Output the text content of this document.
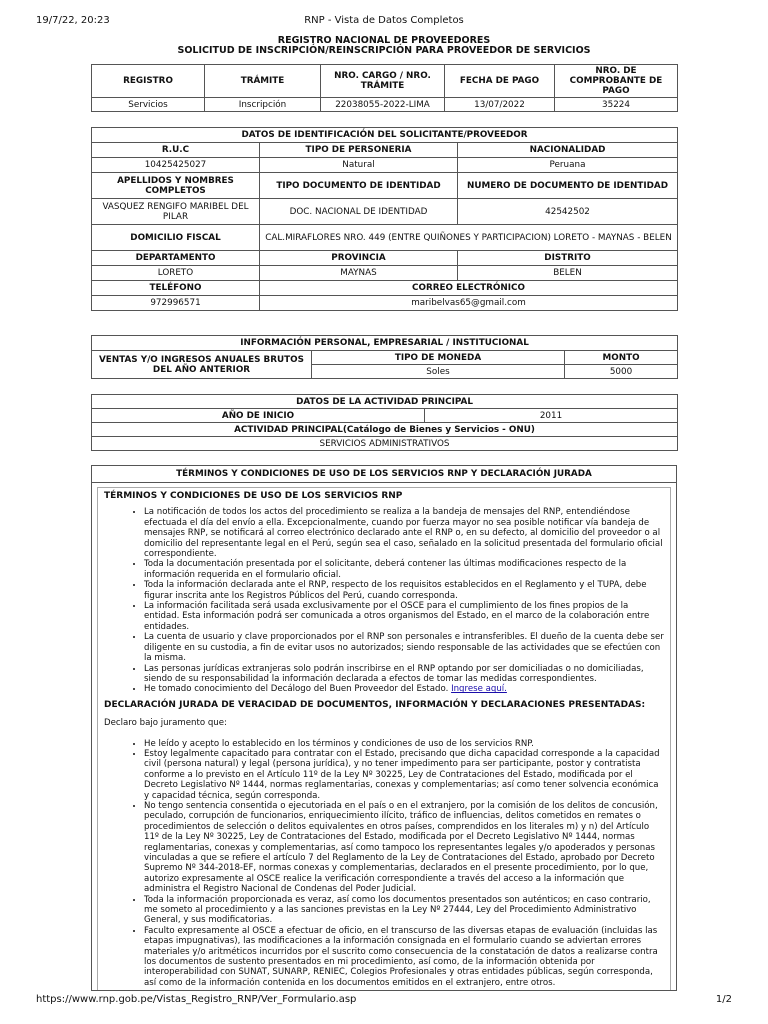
19/7/22, 20:23	RNP - Vista de Datos Completos
REGISTRO NACIONAL DE PROVEEDORES
SOLICITUD DE INSCRIPCIÓN/REINSCRIPCIÓN PARA PROVEEDOR DE SERVICIOS
REGISTRO	TRÁMITE	NRO. CARGO / NRO. TRÁMITE	FECHA DE PAGO	NRO. DE COMPROBANTE DE PAGO
Servicios	Inscripción	22038055-2022-LIMA	13/07/2022	35224
DATOS DE IDENTIFICACIÓN DEL SOLICITANTE/PROVEEDOR		
R.U.C	TIPO DE PERSONERIA	NACIONALIDAD
10425425027	Natural	Peruana
APELLIDOS Y NOMBRES COMPLETOS	TIPO DOCUMENTO DE IDENTIDAD	NUMERO DE DOCUMENTO DE IDENTIDAD
VASQUEZ RENGIFO MARIBEL DEL PILAR	DOC. NACIONAL DE IDENTIDAD	42542502
DOMICILIO FISCAL	CAL.MIRAFLORES NRO. 449 (ENTRE QUIÑONES Y PARTICIPACION) LORETO - MAYNAS - BELEN	
DEPARTAMENTO	PROVINCIA	DISTRITO
LORETO	MAYNAS	BELEN
TELÉFONO	CORREO ELECTRÓNICO	
972996571	maribelvas65@gmail.com	
INFORMACIÓN PERSONAL, EMPRESARIAL / INSTITUCIONAL		
VENTAS Y/O INGRESOS ANUALES BRUTOS DEL AÑO ANTERIOR	TIPO DE MONEDA	MONTO
	Soles	5000
DATOS DE LA ACTIVIDAD PRINCIPAL
AÑO DE INICIO	2011
ACTIVIDAD PRINCIPAL(Catálogo de Bienes y Servicios - ONU)
SERVICIOS ADMINISTRATIVOS
TÉRMINOS Y CONDICIONES DE USO DE LOS SERVICIOS RNP Y DECLARACIÓN JURADA
TÉRMINOS Y CONDICIONES DE USO DE LOS SERVICIOS RNP
• La notificación de todos los actos del procedimiento se realiza a la bandeja de mensajes del RNP, entendiéndose efectuada el día del envío a ella. Excepcionalmente, cuando por fuerza mayor no sea posible notificar vía bandeja de mensajes RNP, se notificará al correo electrónico declarado ante el RNP o, en su defecto, al domicilio del proveedor o al domicilio del representante legal en el Perú, según sea el caso, señalado en la solicitud presentada del formulario oficial correspondiente.
• Toda la documentación presentada por el solicitante, deberá contener las últimas modificaciones respecto de la información requerida en el formulario oficial.
• Toda la información declarada ante el RNP, respecto de los requisitos establecidos en el Reglamento y el TUPA, debe figurar inscrita ante los Registros Públicos del Perú, cuando corresponda.
• La información facilitada será usada exclusivamente por el OSCE para el cumplimiento de los fines propios de la entidad. Esta información podrá ser comunicada a otros organismos del Estado, en el marco de la colaboración entre entidades.
• La cuenta de usuario y clave proporcionados por el RNP son personales e intransferibles. El dueño de la cuenta debe ser diligente en su custodia, a fin de evitar usos no autorizados; siendo responsable de las actividades que se efectúen con la misma.
• Las personas jurídicas extranjeras solo podrán inscribirse en el RNP optando por ser domiciliadas o no domiciliadas, siendo de su responsabilidad la información declarada a efectos de tomar las medidas correspondientes.
• He tomado conocimiento del Decálogo del Buen Proveedor del Estado. Ingrese aquí.
DECLARACIÓN JURADA DE VERACIDAD DE DOCUMENTOS, INFORMACIÓN Y DECLARACIONES PRESENTADAS:

Declaro bajo juramento que:

• He leído y acepto lo establecido en los términos y condiciones de uso de los servicios RNP.
• Estoy legalmente capacitado para contratar con el Estado, precisando que dicha capacidad corresponde a la capacidad civil (persona natural) y legal (persona jurídica), y no tener impedimento para ser participante, postor y contratista conforme a lo previsto en el Artículo 11º de la Ley Nº 30225, Ley de Contrataciones del Estado, modificada por el Decreto Legislativo Nº 1444, normas reglamentarias, conexas y complementarias; así como tener solvencia económica y capacidad técnica, según corresponda.
• No tengo sentencia consentida o ejecutoriada en el país o en el extranjero, por la comisión de los delitos de concusión, peculado, corrupción de funcionarios, enriquecimiento ilícito, tráfico de influencias, delitos cometidos en remates o procedimientos de selección o delitos equivalentes en otros países, comprendidos en los literales m) y n) del Artículo 11º de la Ley Nº 30225, Ley de Contrataciones del Estado, modificada por el Decreto Legislativo Nº 1444, normas reglamentarias, conexas y complementarias, así como tampoco los representantes legales y/o apoderados y personas vinculadas a que se refiere el artículo 7 del Reglamento de la Ley de Contrataciones del Estado, aprobado por Decreto Supremo Nº 344-2018-EF, normas conexas y complementarias, declarados en el presente procedimiento, por lo que, autorizo expresamente al OSCE realice la verificación correspondiente a través del acceso a la información que administra el Registro Nacional de Condenas del Poder Judicial.
• Toda la información proporcionada es veraz, así como los documentos presentados son auténticos; en caso contrario, me someto al procedimiento y a las sanciones previstas en la Ley Nº 27444, Ley del Procedimiento Administrativo General, y sus modificatorias.
• Faculto expresamente al OSCE a efectuar de oficio, en el transcurso de las diversas etapas de evaluación (incluidas las etapas impugnativas), las modificaciones a la información consignada en el formulario cuando se adviertan errores materiales y/o aritméticos incurridos por el suscrito como consecuencia de la constatación de datos a realizarse contra los documentos de sustento presentados en mi procedimiento, así como, de la información obtenida por interoperabilidad con SUNAT, SUNARP, RENIEC, Colegios Profesionales y otras entidades públicas, según corresponda, así como de la información contenida en los documentos emitidos en el extranjero, entre otros.
https://www.rnp.gob.pe/Vistas_Registro_RNP/Ver_Formulario.asp	1/2
